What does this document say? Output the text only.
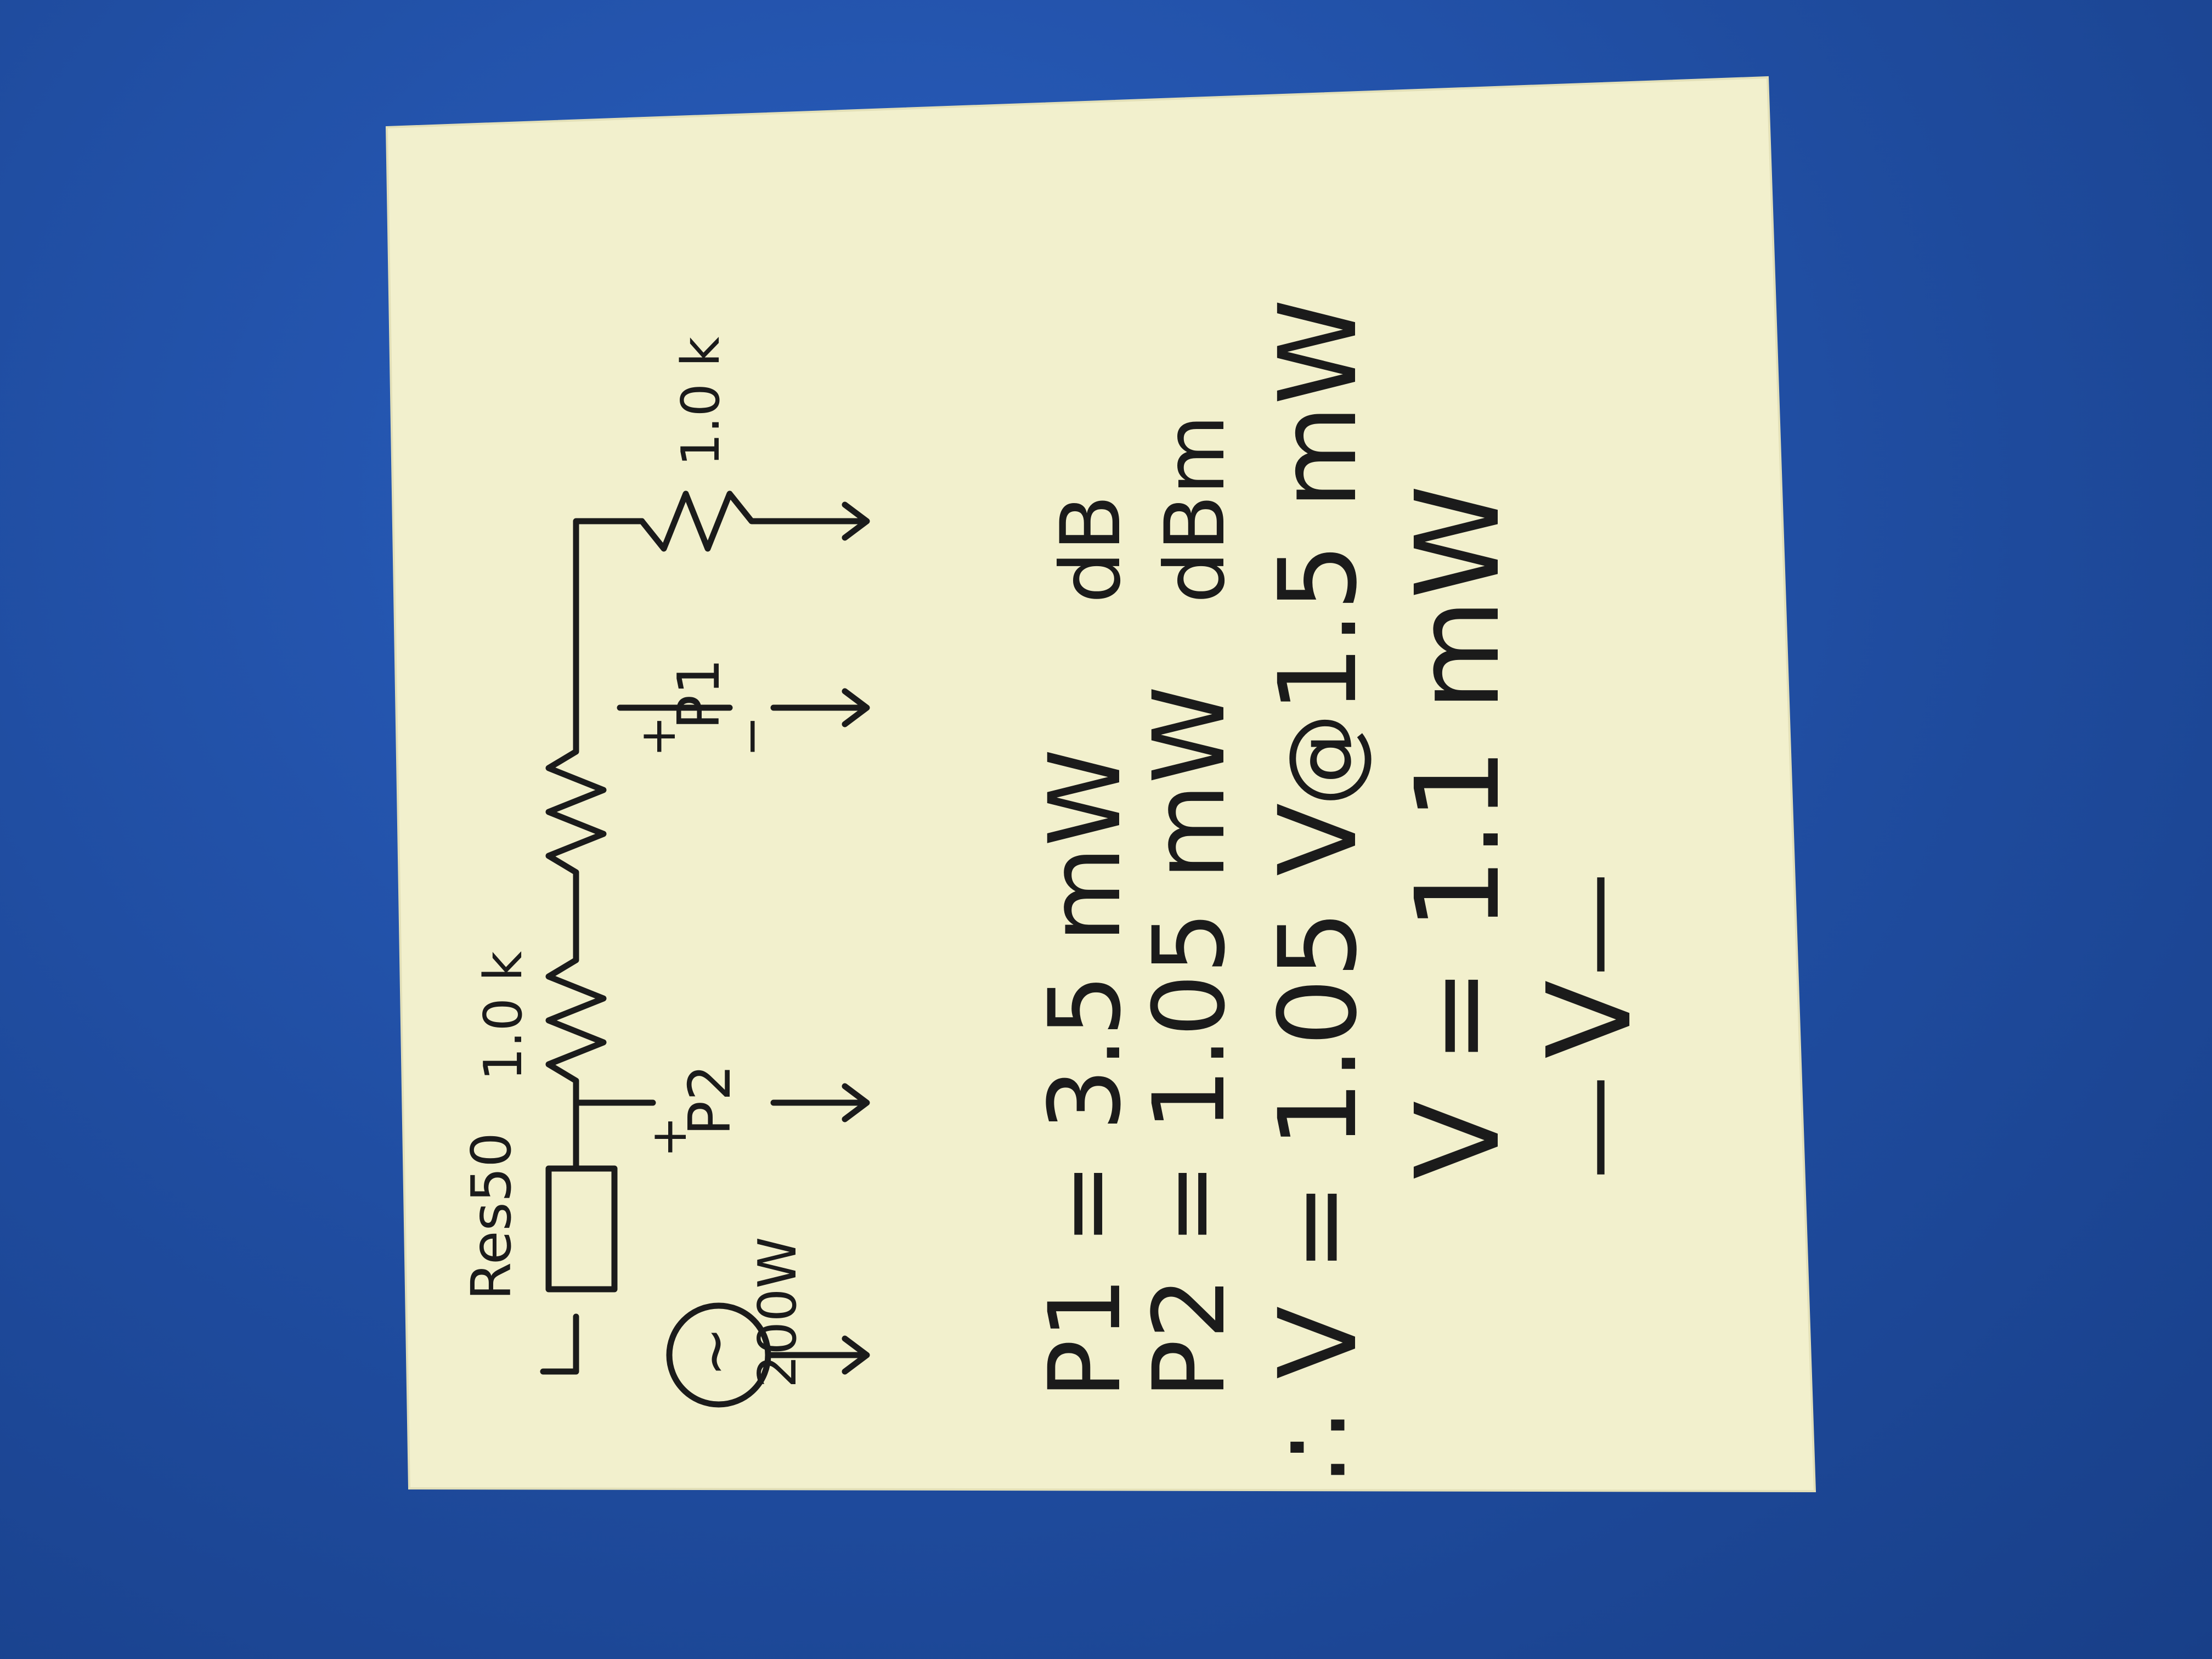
V = 1.1 mW
∴ V = 1.05 V
@
1.5 mW
P2 = 1.05 mW
dBm
P1 = 3.5 mW
dB
~
200W
Res50
1.0 k
1.0 k
P2
+
P1
+ −
—
V
—
